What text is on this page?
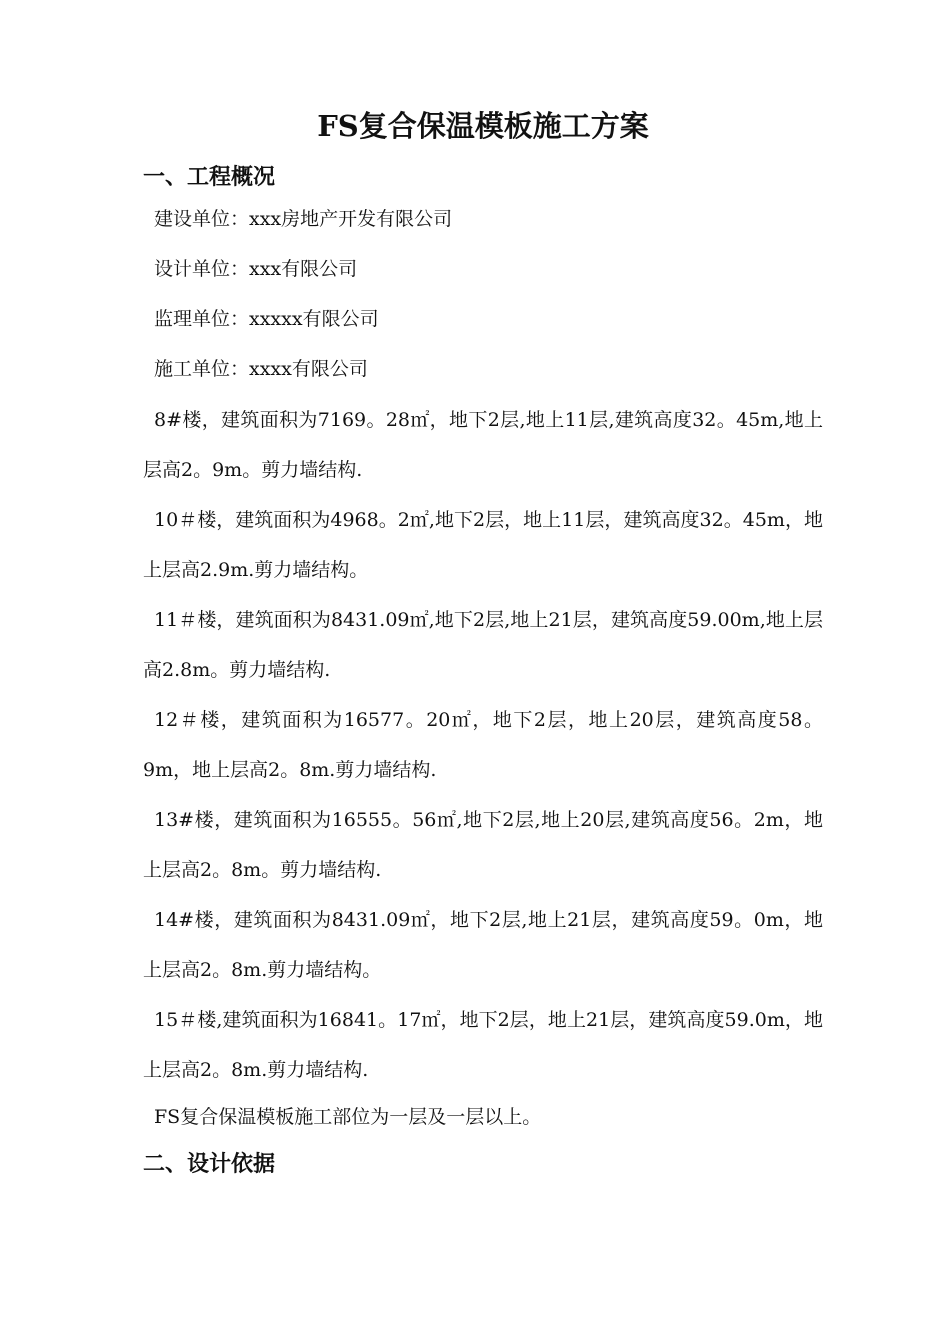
FS复合保温模板施工方案
一、工程概况

建设单位：xxx房地产开发有限公司

设计单位：xxx有限公司

监理单位：xxxxx有限公司

施工单位：xxxx有限公司

8#楼，建筑面积为7169。28㎡，地下2层,地上11层,建筑高度32。45m,地上层高2。9m。剪力墙结构.

10＃楼，建筑面积为4968。2㎡,地下2层，地上11层，建筑高度32。45m，地上层高2.9m.剪力墙结构。

11＃楼，建筑面积为8431.09㎡,地下2层,地上21层，建筑高度59.00m,地上层高2.8m。剪力墙结构.

12＃楼，建筑面积为16577。20㎡，地下2层，地上20层，建筑高度58。9m，地上层高2。8m.剪力墙结构.

13#楼，建筑面积为16555。56㎡,地下2层,地上20层,建筑高度56。2m，地上层高2。8m。剪力墙结构.

14#楼，建筑面积为8431.09㎡，地下2层,地上21层，建筑高度59。0m，地上层高2。8m.剪力墙结构。

15＃楼,建筑面积为16841。17㎡，地下2层，地上21层，建筑高度59.0m，地上层高2。8m.剪力墙结构.

FS复合保温模板施工部位为一层及一层以上。

二、设计依据
